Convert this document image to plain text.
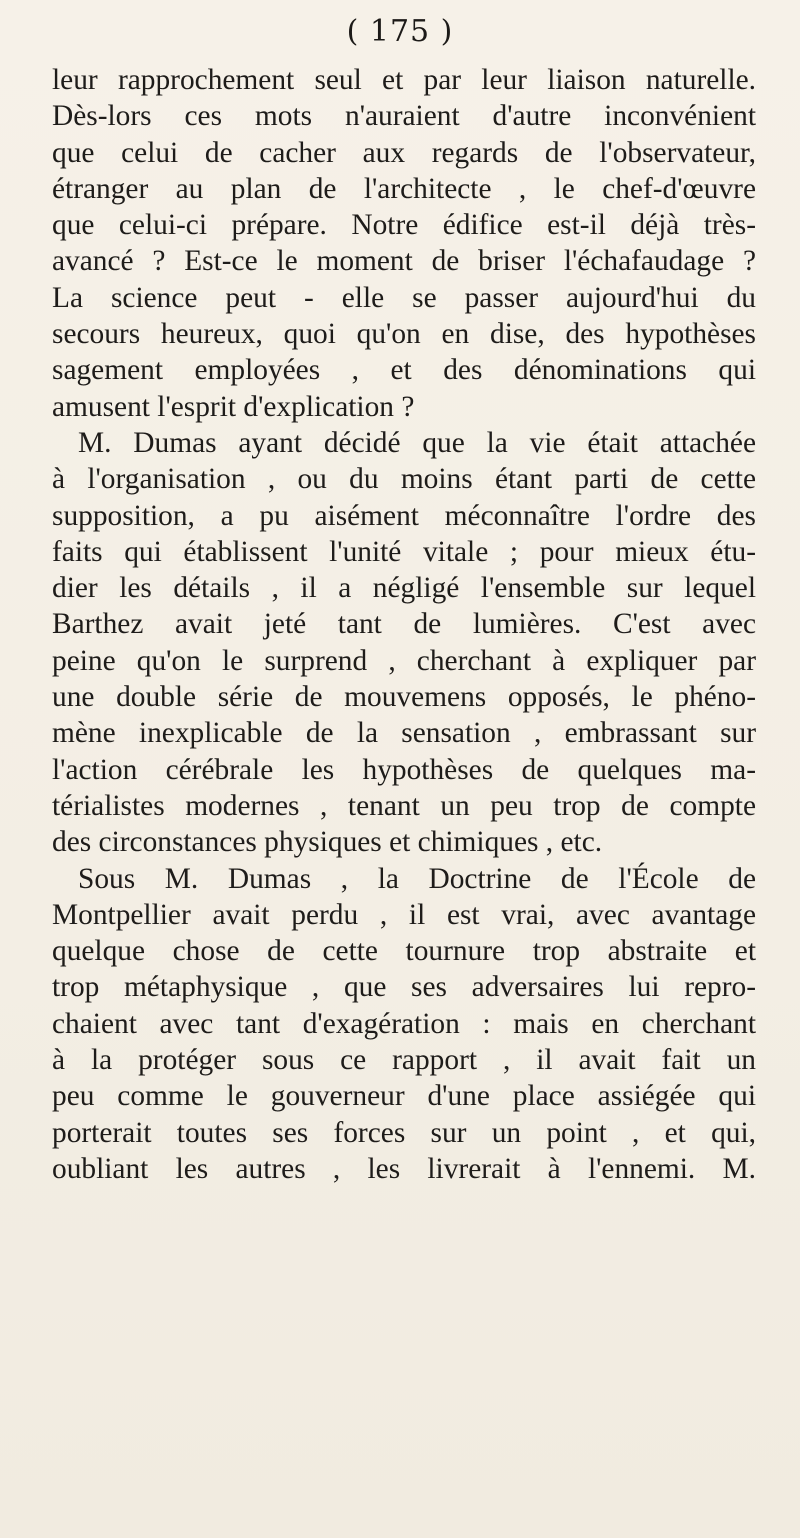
( 175 )
leur rapprochement seul et par leur liaison naturelle.
Dès-lors ces mots n'auraient d'autre inconvénient
que celui de cacher aux regards de l'observateur,
étranger au plan de l'architecte , le chef-d'œuvre
que celui-ci prépare. Notre édifice est-il déjà très-
avancé ? Est-ce le moment de briser l'échafaudage ?
La science peut - elle se passer aujourd'hui du
secours heureux, quoi qu'on en dise, des hypothèses
sagement employées , et des dénominations qui
amusent l'esprit d'explication ?
M. Dumas ayant décidé que la vie était attachée
à l'organisation , ou du moins étant parti de cette
supposition, a pu aisément méconnaître l'ordre des
faits qui établissent l'unité vitale ; pour mieux étu-
dier les détails , il a négligé l'ensemble sur lequel
Barthez avait jeté tant de lumières. C'est avec
peine qu'on le surprend , cherchant à expliquer par
une double série de mouvemens opposés, le phéno-
mène inexplicable de la sensation , embrassant sur
l'action cérébrale les hypothèses de quelques ma-
térialistes modernes , tenant un peu trop de compte
des circonstances physiques et chimiques , etc.
Sous M. Dumas , la Doctrine de l'École de
Montpellier avait perdu , il est vrai, avec avantage
quelque chose de cette tournure trop abstraite et
trop métaphysique , que ses adversaires lui repro-
chaient avec tant d'exagération : mais en cherchant
à la protéger sous ce rapport , il avait fait un
peu comme le gouverneur d'une place assiégée qui
porterait toutes ses forces sur un point , et qui,
oubliant les autres , les livrerait à l'ennemi. M.
